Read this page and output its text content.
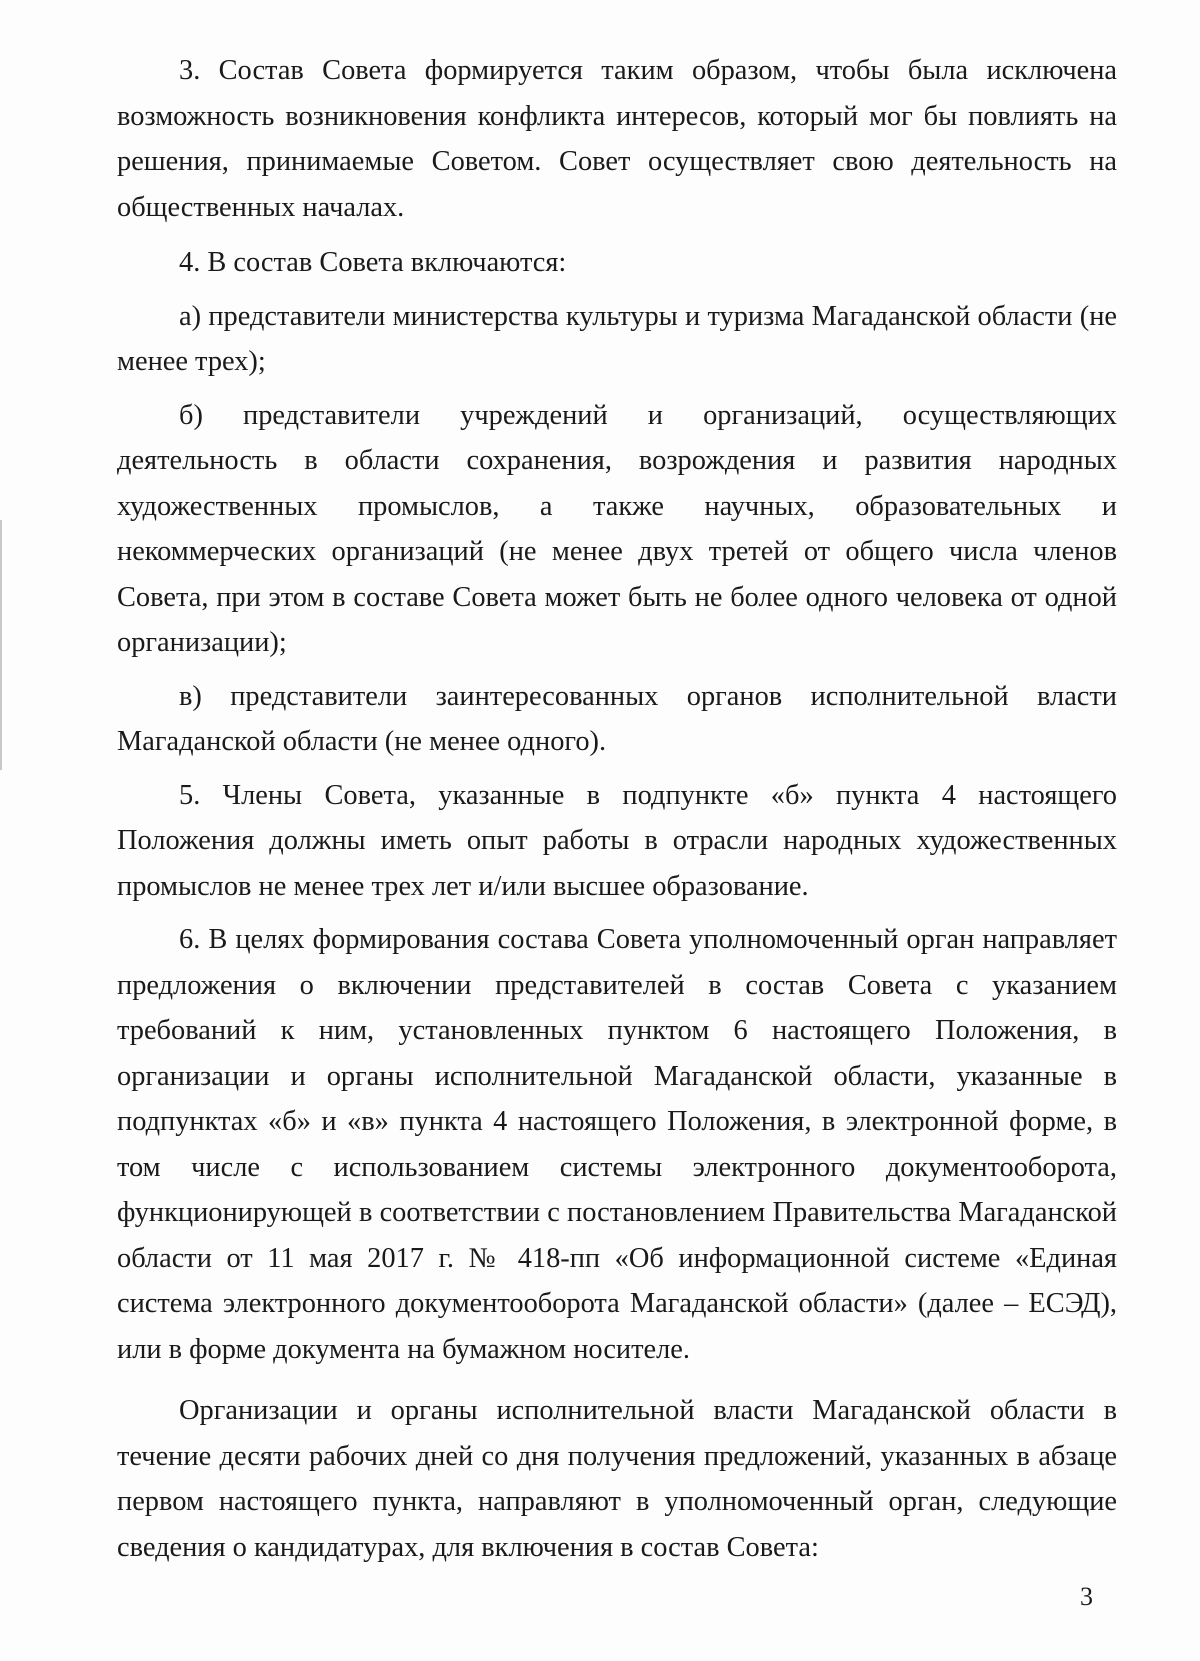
3. Состав Совета формируется таким образом, чтобы была исключена возможность возникновения конфликта интересов, который мог бы повлиять на решения, принимаемые Советом. Совет осуществляет свою деятельность на общественных началах.

4. В состав Совета включаются:

а) представители министерства культуры и туризма Магаданской области (не менее трех);

б) представители учреждений и организаций, осуществляющих деятельность в области сохранения, возрождения и развития народных художественных промыслов, а также научных, образовательных и некоммерческих организаций (не менее двух третей от общего числа членов Совета, при этом в составе Совета может быть не более одного человека от одной организации);

в) представители заинтересованных органов исполнительной власти Магаданской области (не менее одного).

5. Члены Совета, указанные в подпункте «б» пункта 4 настоящего Положения должны иметь опыт работы в отрасли народных художественных промыслов не менее трех лет и/или высшее образование.

6. В целях формирования состава Совета уполномоченный орган направляет предложения о включении представителей в состав Совета с указанием требований к ним, установленных пунктом 6 настоящего Положения, в организации и органы исполнительной Магаданской области, указанные в подпунктах «б» и «в» пункта 4 настоящего Положения, в электронной форме, в том числе с использованием системы электронного документооборота, функционирующей в соответствии с постановлением Правительства Магаданской области от 11 мая 2017 г. № 418-пп «Об информационной системе «Единая система электронного документооборота Магаданской области» (далее – ЕСЭД), или в форме документа на бумажном носителе.

Организации и органы исполнительной власти Магаданской области в течение десяти рабочих дней со дня получения предложений, указанных в абзаце первом настоящего пункта, направляют в уполномоченный орган, следующие сведения о кандидатурах, для включения в состав Совета:

3
